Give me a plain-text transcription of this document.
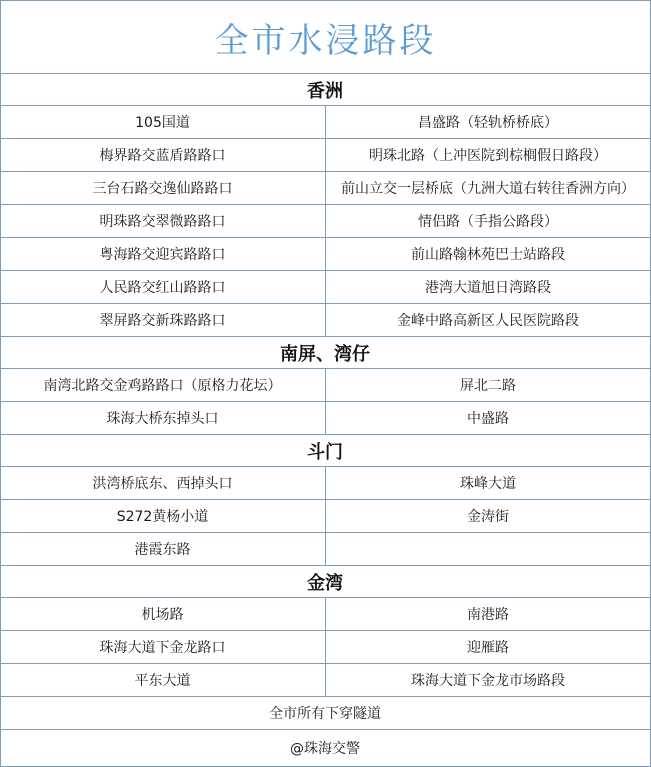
全市水浸路段
香洲
105国道	昌盛路（轻轨桥桥底）
梅界路交蓝盾路路口	明珠北路（上冲医院到棕榈假日路段）
三台石路交逸仙路路口	前山立交一层桥底（九洲大道右转往香洲方向）
明珠路交翠微路路口	情侣路（手指公路段）
粤海路交迎宾路路口	前山路翰林苑巴士站路段
人民路交红山路路口	港湾大道旭日湾路段
翠屏路交新珠路路口	金峰中路高新区人民医院路段
南屏、湾仔
南湾北路交金鸡路路口（原格力花坛）	屏北二路
珠海大桥东掉头口	中盛路
斗门
洪湾桥底东、西掉头口	珠峰大道
S272黄杨小道	金涛街
港霞东路
金湾
机场路	南港路
珠海大道下金龙路口	迎雁路
平东大道	珠海大道下金龙市场路段
全市所有下穿隧道
@珠海交警
